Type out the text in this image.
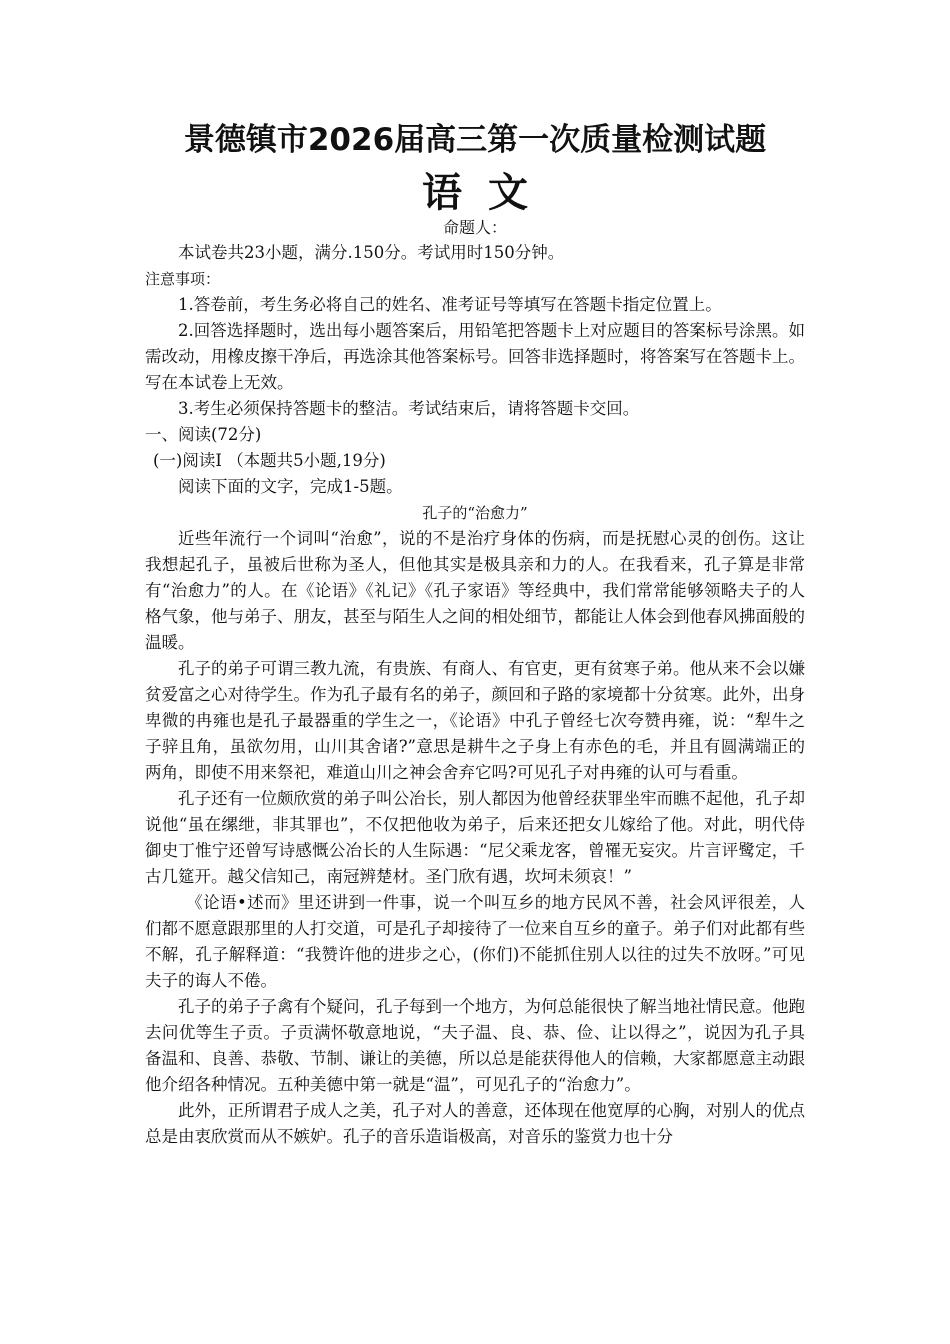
景德镇市2026届高三第一次质量检测试题
语文
命题人：

本试卷共23小题，满分.150分。考试用时150分钟。

注意事项：

1.答卷前，考生务必将自己的姓名、准考证号等填写在答题卡指定位置上。

2.回答选择题时，选出每小题答案后，用铅笔把答题卡上对应题目的答案标号涂黑。如需改动，用橡皮擦干净后，再选涂其他答案标号。回答非选择题时，将答案写在答题卡上。写在本试卷上无效。

3.考生必须保持答题卡的整洁。考试结束后，请将答题卡交回。

一、阅读(72分)

(一)阅读Ⅰ （本题共5小题,19分)

阅读下面的文字，完成1-5题。

孔子的“治愈力”

近些年流行一个词叫“治愈”，说的不是治疗身体的伤病，而是抚慰心灵的创伤。这让我想起孔子，虽被后世称为圣人，但他其实是极具亲和力的人。在我看来，孔子算是非常有“治愈力”的人。在《论语》《礼记》《孔子家语》等经典中，我们常常能够领略夫子的人格气象，他与弟子、朋友，甚至与陌生人之间的相处细节，都能让人体会到他春风拂面般的温暖。

孔子的弟子可谓三教九流，有贵族、有商人、有官吏，更有贫寒子弟。他从来不会以嫌贫爱富之心对待学生。作为孔子最有名的弟子，颜回和子路的家境都十分贫寒。此外，出身卑微的冉雍也是孔子最器重的学生之一，《论语》中孔子曾经七次夸赞冉雍，说：“犁牛之子骍且角，虽欲勿用，山川其舍诸?”意思是耕牛之子身上有赤色的毛，并且有圆满端正的两角，即使不用来祭祀，难道山川之神会舍弃它吗?可见孔子对冉雍的认可与看重。

孔子还有一位颇欣赏的弟子叫公冶长，别人都因为他曾经获罪坐牢而瞧不起他，孔子却说他“虽在缧绁，非其罪也”，不仅把他收为弟子，后来还把女儿嫁给了他。对此，明代侍御史丁惟宁还曾写诗感慨公冶长的人生际遇：“尼父乘龙客，曾罹无妄灾。片言评鹭定，千古几筵开。越父信知己，南冠辨楚材。圣门欣有遇，坎坷未须哀！”

《论语•述而》里还讲到一件事，说一个叫互乡的地方民风不善，社会风评很差，人们都不愿意跟那里的人打交道，可是孔子却接待了一位来自互乡的童子。弟子们对此都有些不解，孔子解释道：“我赞许他的进步之心，(你们)不能抓住别人以往的过失不放呀。”可见夫子的诲人不倦。

孔子的弟子子禽有个疑问，孔子每到一个地方，为何总能很快了解当地社情民意。他跑去问优等生子贡。子贡满怀敬意地说，“夫子温、良、恭、俭、让以得之”，说因为孔子具备温和、良善、恭敬、节制、谦让的美德，所以总是能获得他人的信赖，大家都愿意主动跟他介绍各种情况。五种美德中第一就是“温”，可见孔子的“治愈力”。

此外，正所谓君子成人之美，孔子对人的善意，还体现在他宽厚的心胸，对别人的优点总是由衷欣赏而从不嫉妒。孔子的音乐造诣极高，对音乐的鉴赏力也十分
